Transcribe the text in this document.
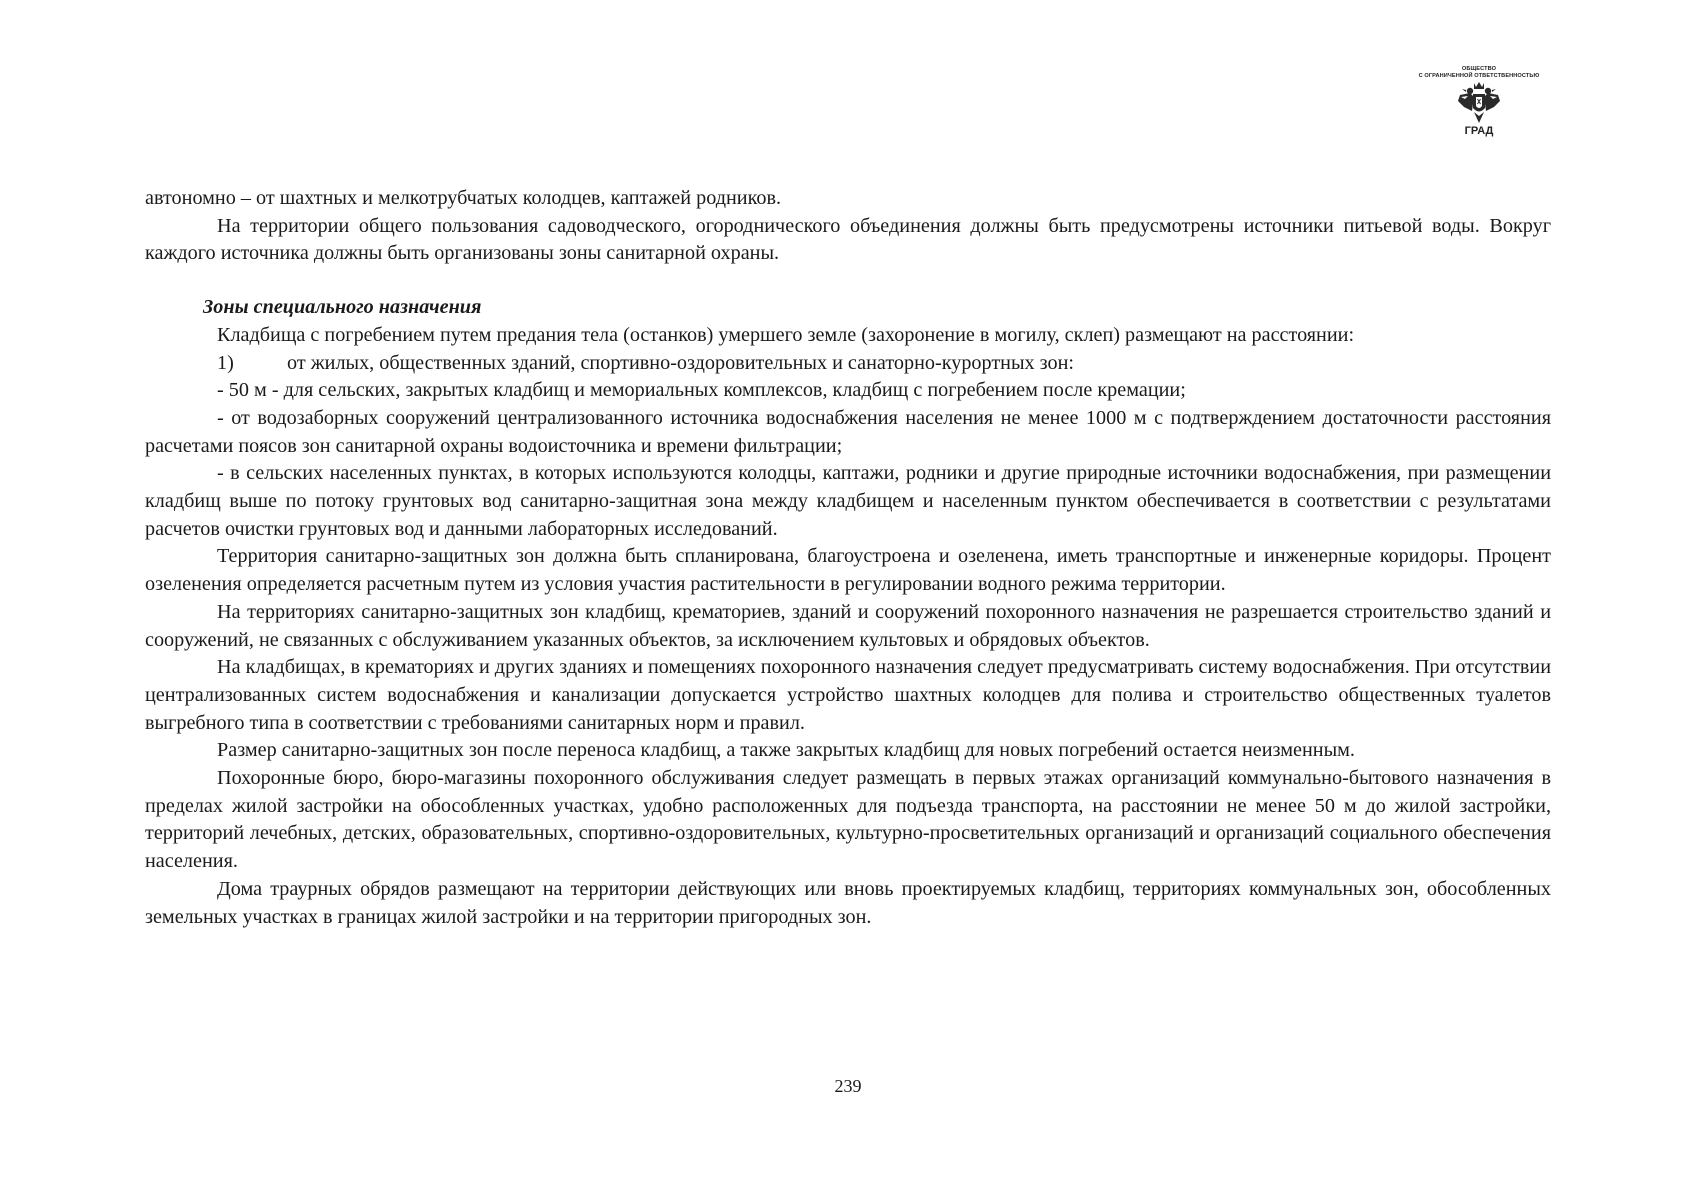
ОБЩЕСТВО
С ОГРАНИЧЕННОЙ ОТВЕТСТВЕННОСТЬЮ
ГРАД

автономно – от шахтных и мелкотрубчатых колодцев, каптажей родников.

На территории общего пользования садоводческого, огороднического объединения должны быть предусмотрены источники питьевой воды. Вокруг каждого источника должны быть организованы зоны санитарной охраны.

Зоны специального назначения

Кладбища с погребением путем предания тела (останков) умершего земле (захоронение в могилу, склеп) размещают на расстоянии:

1)	от жилых, общественных зданий, спортивно-оздоровительных и санаторно-курортных зон:

- 50 м - для сельских, закрытых кладбищ и мемориальных комплексов, кладбищ с погребением после кремации;

- от водозаборных сооружений централизованного источника водоснабжения населения не менее 1000 м с подтверждением достаточности расстояния расчетами поясов зон санитарной охраны водоисточника и времени фильтрации;

- в сельских населенных пунктах, в которых используются колодцы, каптажи, родники и другие природные источники водоснабжения, при размещении кладбищ выше по потоку грунтовых вод санитарно-защитная зона между кладбищем и населенным пунктом обеспечивается в соответствии с результатами расчетов очистки грунтовых вод и данными лабораторных исследований.

Территория санитарно-защитных зон должна быть спланирована, благоустроена и озеленена, иметь транспортные и инженерные коридоры. Процент озеленения определяется расчетным путем из условия участия растительности в регулировании водного режима территории.

На территориях санитарно-защитных зон кладбищ, крематориев, зданий и сооружений похоронного назначения не разрешается строительство зданий и сооружений, не связанных с обслуживанием указанных объектов, за исключением культовых и обрядовых объектов.

На кладбищах, в крематориях и других зданиях и помещениях похоронного назначения следует предусматривать систему водоснабжения. При отсутствии централизованных систем водоснабжения и канализации допускается устройство шахтных колодцев для полива и строительство общественных туалетов выгребного типа в соответствии с требованиями санитарных норм и правил.

Размер санитарно-защитных зон после переноса кладбищ, а также закрытых кладбищ для новых погребений остается неизменным.

Похоронные бюро, бюро-магазины похоронного обслуживания следует размещать в первых этажах организаций коммунально-бытового назначения в пределах жилой застройки на обособленных участках, удобно расположенных для подъезда транспорта, на расстоянии не менее 50 м до жилой застройки, территорий лечебных, детских, образовательных, спортивно-оздоровительных, культурно-просветительных организаций и организаций социального обеспечения населения.

Дома траурных обрядов размещают на территории действующих или вновь проектируемых кладбищ, территориях коммунальных зон, обособленных земельных участках в границах жилой застройки и на территории пригородных зон.

239
